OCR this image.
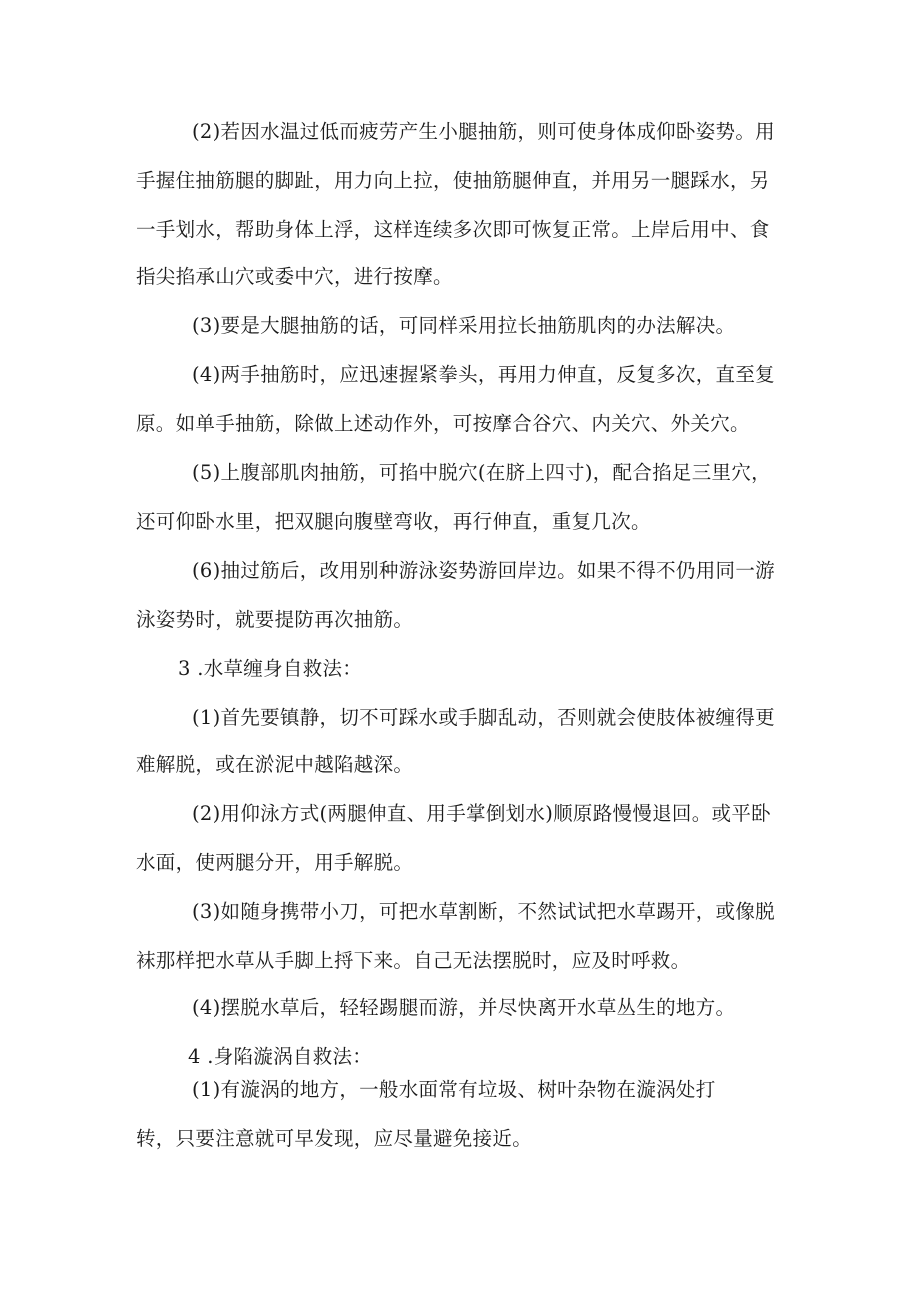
(2)若因水温过低而疲劳产生小腿抽筋，则可使身体成仰卧姿势。用

手握住抽筋腿的脚趾，用力向上拉，使抽筋腿伸直，并用另一腿踩水，另

一手划水，帮助身体上浮，这样连续多次即可恢复正常。上岸后用中、食

指尖掐承山穴或委中穴，进行按摩。

(3)要是大腿抽筋的话，可同样采用拉长抽筋肌肉的办法解决。

(4)两手抽筋时，应迅速握紧拳头，再用力伸直，反复多次，直至复

原。如单手抽筋，除做上述动作外，可按摩合谷穴、内关穴、外关穴。

(5)上腹部肌肉抽筋，可掐中脱穴(在脐上四寸)，配合掐足三里穴，

还可仰卧水里，把双腿向腹壁弯收，再行伸直，重复几次。

(6)抽过筋后，改用别种游泳姿势游回岸边。如果不得不仍用同一游

泳姿势时，就要提防再次抽筋。

3 .水草缠身自救法：

(1)首先要镇静，切不可踩水或手脚乱动，否则就会使肢体被缠得更

难解脱，或在淤泥中越陷越深。

(2)用仰泳方式(两腿伸直、用手掌倒划水)顺原路慢慢退回。或平卧

水面，使两腿分开，用手解脱。

(3)如随身携带小刀，可把水草割断，不然试试把水草踢开，或像脱

袜那样把水草从手脚上捋下来。自己无法摆脱时，应及时呼救。

(4)摆脱水草后，轻轻踢腿而游，并尽快离开水草丛生的地方。

4 .身陷漩涡自救法：

(1)有漩涡的地方，一般水面常有垃圾、树叶杂物在漩涡处打

转，只要注意就可早发现，应尽量避免接近。
